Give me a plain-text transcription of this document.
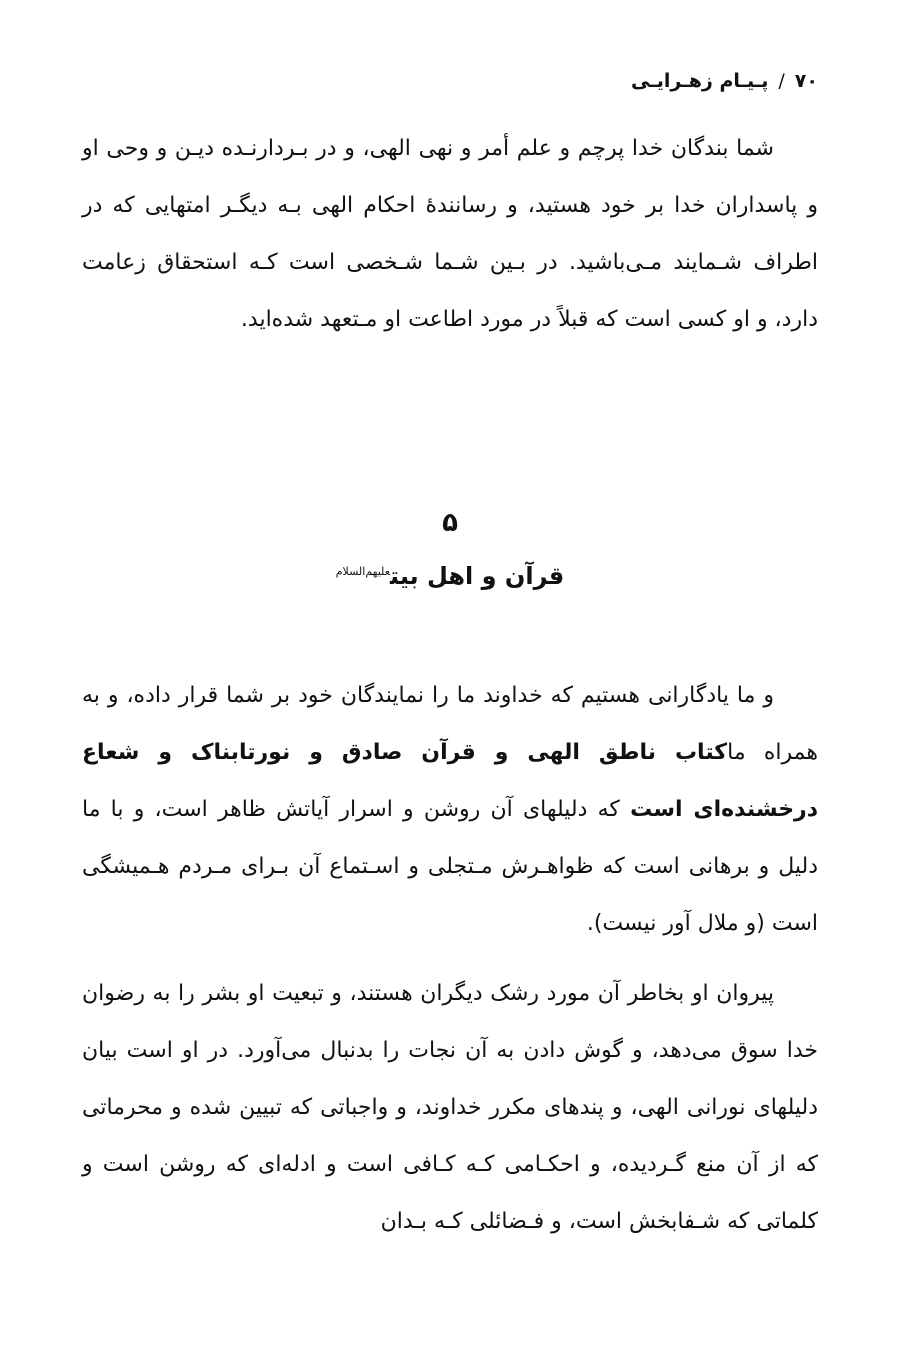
۷۰/پـیـام زهـرایـی

شما بندگان خدا پرچم و علم أمر و نهی الهی، و در بـردارنـده دیـن و وحی او و پاسداران خدا بر خود هستید، و رسانندهٔ احکام الهی بـه دیگـر امتهایی که در اطراف شـمایند مـی‌باشید. در بـین شـما شـخصی است کـه استحقاق زعامت دارد، و او کسی است که قبلاً در مورد اطاعت او مـتعهد شده‌اید.

۵
قرآن و اهل بیت$^{علیهم‌السلام}$

و ما یادگارانی هستیم که خداوند ما را نمایندگان خود بر شما قرار داده، و به همراه ماکتاب ناطق الهی و قرآن صادق و نورتابناک و شعاع درخشنده‌ای است که دلیلهای آن روشن و اسرار آیاتش ظاهر است، و با ما دلیل و برهانی است که ظواهـرش مـتجلی و اسـتماع آن بـرای مـردم هـمیشگی است (و ملال آور نیست).

پیروان او بخاطر آن مورد رشک دیگران هستند، و تبعیت او بشر را به رضوان خدا سوق می‌دهد، و گوش دادن به آن نجات را بدنبال می‌آورد. در او است بیان دلیلهای نورانی الهی، و پندهای مکرر خداوند، و واجباتی که تبیین شده و محرماتی که از آن منع گـردیده، و احکـامی کـه کـافی است و ادله‌ای که روشن است و کلماتی که شـفابخش است، و فـضائلی کـه بـدان
